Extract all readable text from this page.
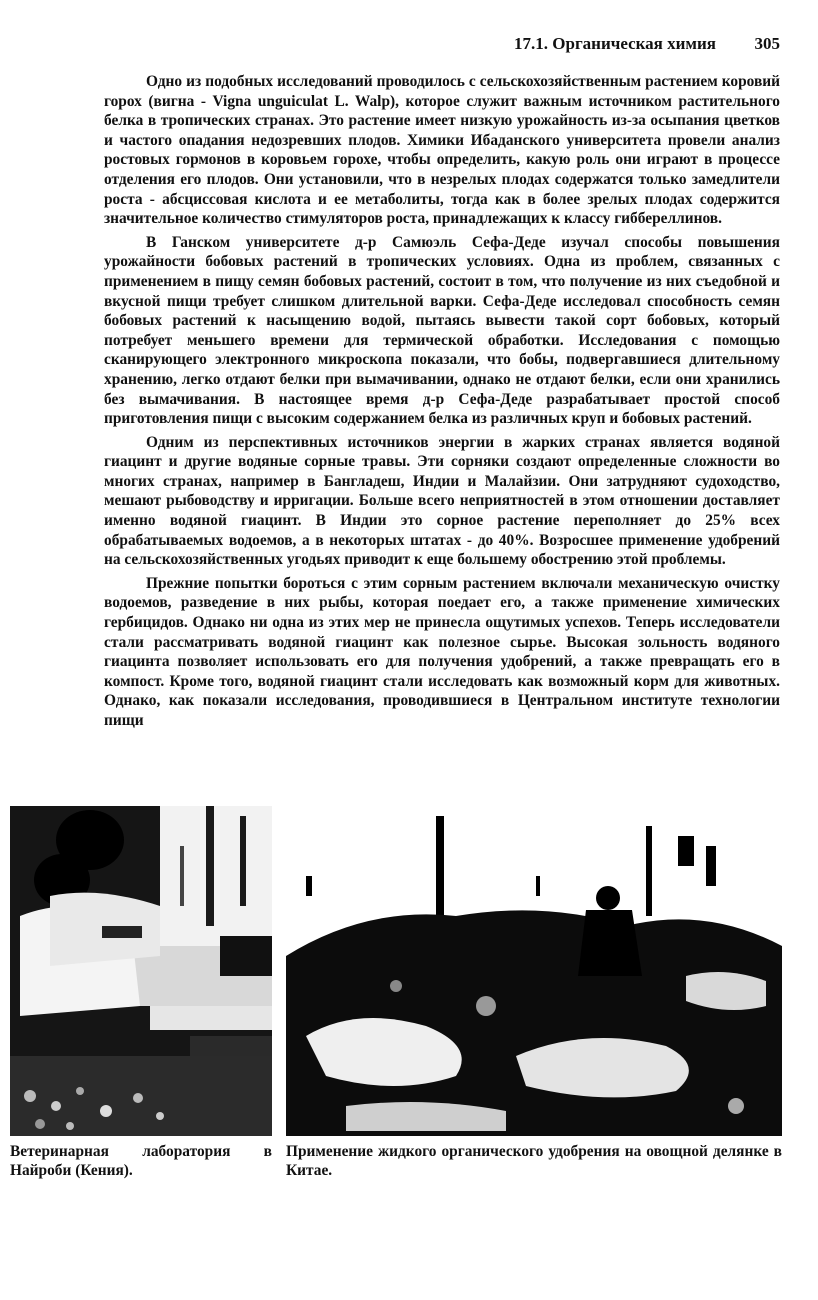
17.1. Органическая химия 305

Одно из подобных исследований проводилось с сельскохозяйственным растением коровий горох (вигна - Vigna unguiculat L. Walp), которое служит важным источником растительного белка в тропических странах. Это растение имеет низкую урожайность из-за осыпания цветков и частого опадания недозревших плодов. Химики Ибаданского университета провели анализ ростовых гормонов в коровьем горохе, чтобы определить, какую роль они играют в процессе отделения его плодов. Они установили, что в незрелых плодах содержатся только замедлители роста - абсциссовая кислота и ее метаболиты, тогда как в более зрелых плодах содержится значительное количество стимуляторов роста, принадлежащих к классу гиббереллинов.

В Ганском университете д-р Самюэль Сефа-Деде изучал способы повышения урожайности бобовых растений в тропических условиях. Одна из проблем, связанных с применением в пищу семян бобовых растений, состоит в том, что получение из них съедобной и вкусной пищи требует слишком длительной варки. Сефа-Деде исследовал способность семян бобовых растений к насыщению водой, пытаясь вывести такой сорт бобовых, который потребует меньшего времени для термической обработки. Исследования с помощью сканирующего электронного микроскопа показали, что бобы, подвергавшиеся длительному хранению, легко отдают белки при вымачивании, однако не отдают белки, если они хранились без вымачивания. В настоящее время д-р Сефа-Деде разрабатывает простой способ приготовления пищи с высоким содержанием белка из различных круп и бобовых растений.

Одним из перспективных источников энергии в жарких странах является водяной гиацинт и другие водяные сорные травы. Эти сорняки создают определенные сложности во многих странах, например в Бангладеш, Индии и Малайзии. Они затрудняют судоходство, мешают рыбоводству и ирригации. Больше всего неприятностей в этом отношении доставляет именно водяной гиацинт. В Индии это сорное растение переполняет до 25% всех обрабатываемых водоемов, а в некоторых штатах - до 40%. Возросшее применение удобрений на сельскохозяйственных угодьях приводит к еще большему обострению этой проблемы.

Прежние попытки бороться с этим сорным растением включали механическую очистку водоемов, разведение в них рыбы, которая поедает его, а также применение химических гербицидов. Однако ни одна из этих мер не принесла ощутимых успехов. Теперь исследователи стали рассматривать водяной гиацинт как полезное сырье. Высокая зольность водяного гиацинта позволяет использовать его для получения удобрений, а также превращать его в компост. Кроме того, водяной гиацинт стали исследовать как возможный корм для животных. Однако, как показали исследования, проводившиеся в Центральном институте технологии пищи

Ветеринарная лаборатория в Найроби (Кения).
Применение жидкого органического удобрения на овощной делянке в Китае.
